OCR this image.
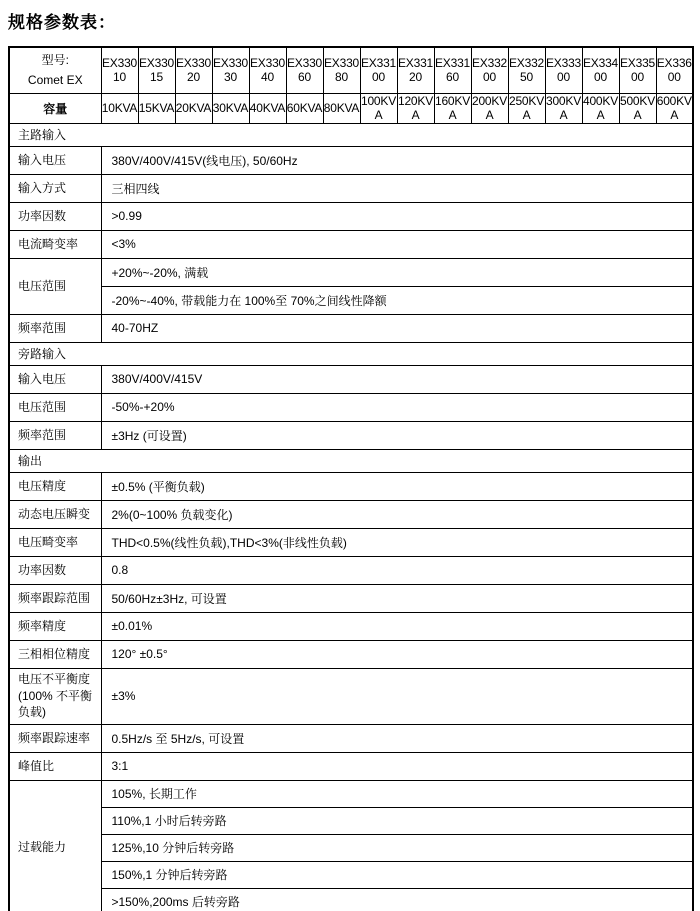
规格参数表：
型号:
Comet EX	EX33010	EX33015	EX33020	EX33030	EX33040	EX33060	EX33080	EX33100	EX33120	EX33160	EX33200	EX33250	EX33300	EX33400	EX33500	EX33600
容量	10KVA	15KVA	20KVA	30KVA	40KVA	60KVA	80KVA	100KVA	120KVA	160KVA	200KVA	250KVA	300KVA	400KVA	500KVA	600KVA
主路输入																
输入电压	380V/400V/415V(线电压), 50/60Hz															
输入方式	三相四线															
功率因数	>0.99															
电流畸变率	<3%															
电压范围	+20%~-20%, 满载															
	-20%~-40%, 带载能力在 100%至 70%之间线性降额															
频率范围	40-70HZ															
旁路输入																
输入电压	380V/400V/415V															
电压范围	-50%-+20%															
频率范围	±3Hz (可设置)															
输出																
电压精度	±0.5% (平衡负载)															
动态电压瞬变	2%(0~100% 负载变化)															
电压畸变率	THD<0.5%(线性负载),THD<3%(非线性负载)															
功率因数	0.8															
频率跟踪范围	50/60Hz±3Hz, 可设置															
频率精度	±0.01%															
三相相位精度	120° ±0.5°															
电压不平衡度(100% 不平衡负载)	±3%															
频率跟踪速率	0.5Hz/s 至 5Hz/s, 可设置															
峰值比	3:1															
过载能力	105%, 长期工作															
	110%,1 小时后转旁路															
	125%,10 分钟后转旁路															
	150%,1 分钟后转旁路															
	>150%,200ms 后转旁路															
